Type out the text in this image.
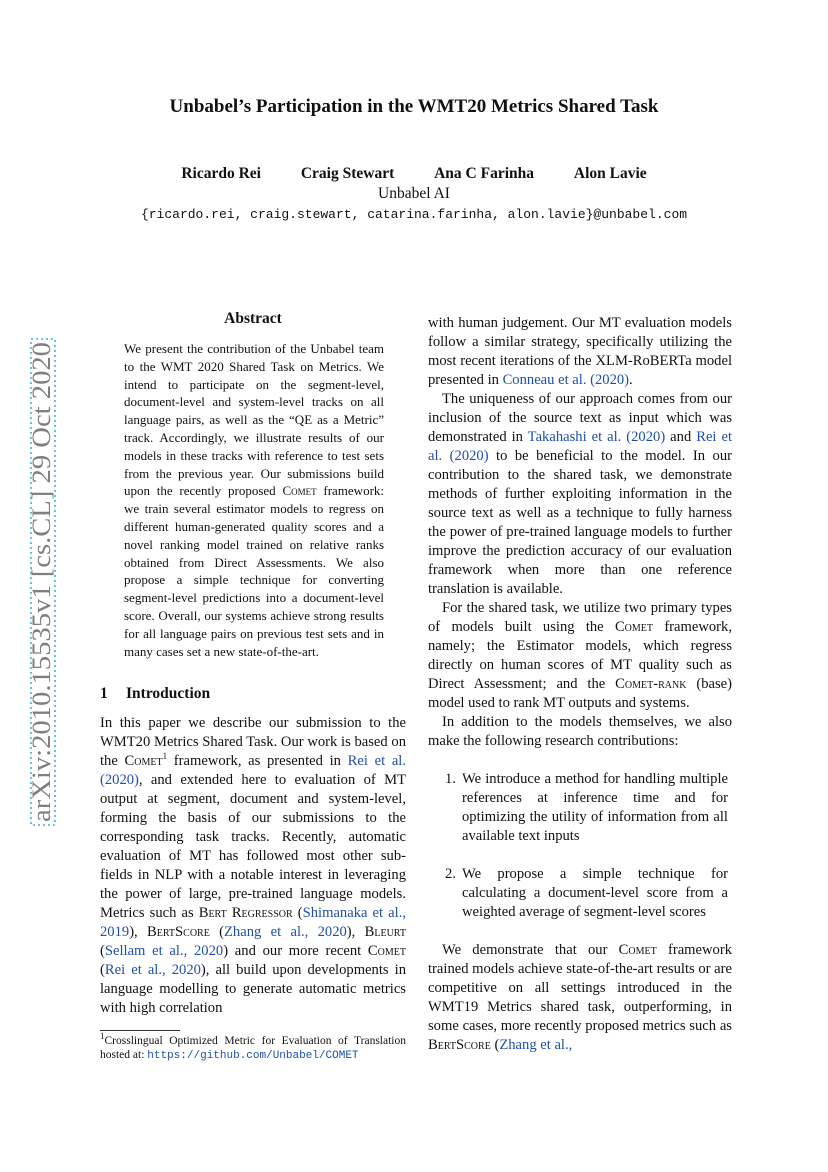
Unbabel’s Participation in the WMT20 Metrics Shared Task
Ricardo Rei	Craig Stewart	Ana C Farinha	Alon Lavie
Unbabel AI
{ricardo.rei, craig.stewart, catarina.farinha, alon.lavie}@unbabel.com
arXiv:2010.15535v1 [cs.CL] 29 Oct 2020
Abstract
We present the contribution of the Unbabel team to the WMT 2020 Shared Task on Metrics. We intend to participate on the segment-level, document-level and system-level tracks on all language pairs, as well as the “QE as a Metric” track. Accordingly, we illustrate results of our models in these tracks with reference to test sets from the previous year. Our submissions build upon the recently proposed Comet framework: we train several estimator models to regress on different human-generated quality scores and a novel ranking model trained on relative ranks obtained from Direct Assessments. We also propose a simple technique for converting segment-level predictions into a document-level score. Overall, our systems achieve strong results for all language pairs on previous test sets and in many cases set a new state-of-the-art.
1 Introduction

In this paper we describe our submission to the WMT20 Metrics Shared Task. Our work is based on the Comet$^1$ framework, as presented in Rei et al. (2020), and extended here to evaluation of MT output at segment, document and system-level, forming the basis of our submissions to the corresponding task tracks. Recently, automatic evaluation of MT has followed most other sub-fields in NLP with a notable interest in leveraging the power of large, pre-trained language models. Metrics such as Bert Regressor (Shimanaka et al., 2019), BertScore (Zhang et al., 2020), Bleurt (Sellam et al., 2020) and our more recent Comet (Rei et al., 2020), all build upon developments in language modelling to generate automatic metrics with high correlation

$^1$Crosslingual Optimized Metric for Evaluation of Translation hosted at: https://github.com/Unbabel/COMET

with human judgement. Our MT evaluation models follow a similar strategy, specifically utilizing the most recent iterations of the XLM-RoBERTa model presented in Conneau et al. (2020).

The uniqueness of our approach comes from our inclusion of the source text as input which was demonstrated in Takahashi et al. (2020) and Rei et al. (2020) to be beneficial to the model. In our contribution to the shared task, we demonstrate methods of further exploiting information in the source text as well as a technique to fully harness the power of pre-trained language models to further improve the prediction accuracy of our evaluation framework when more than one reference translation is available.

For the shared task, we utilize two primary types of models built using the Comet framework, namely; the Estimator models, which regress directly on human scores of MT quality such as Direct Assessment; and the Comet-rank (base) model used to rank MT outputs and systems.

In addition to the models themselves, we also make the following research contributions:

1. We introduce a method for handling multiple references at inference time and for optimizing the utility of information from all available text inputs
2. We propose a simple technique for calculating a document-level score from a weighted average of segment-level scores

We demonstrate that our Comet framework trained models achieve state-of-the-art results or are competitive on all settings introduced in the WMT19 Metrics shared task, outperforming, in some cases, more recently proposed metrics such as BertScore (Zhang et al.,
